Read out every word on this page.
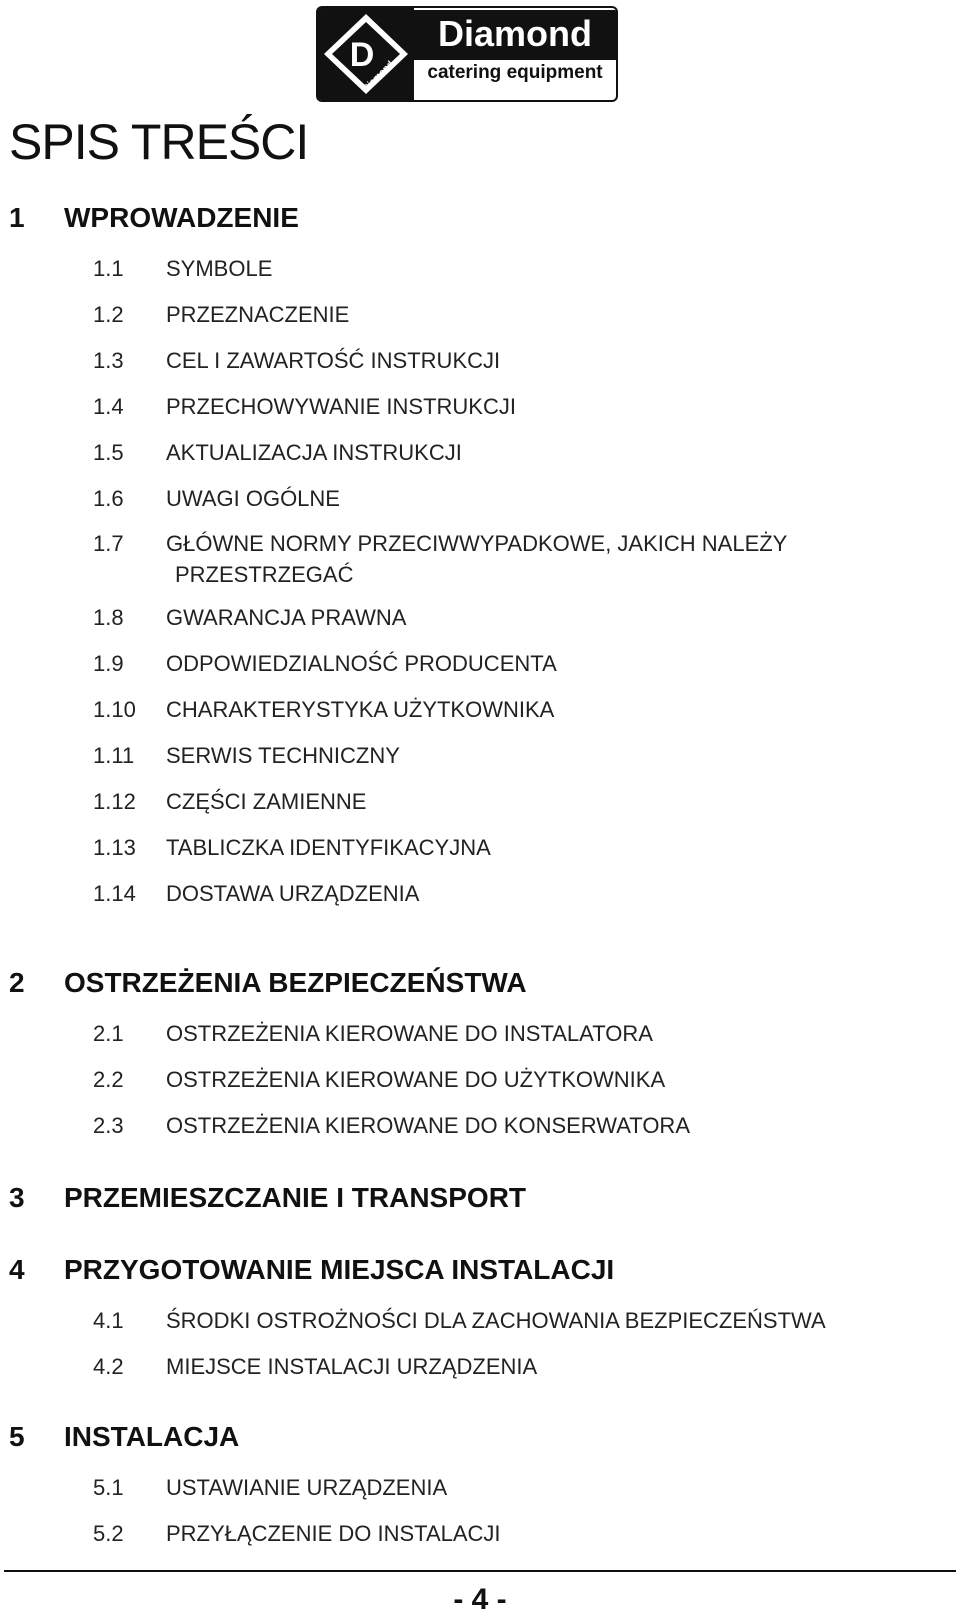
D
Diamond
Diamond
catering equipment
SPIS TREŚCI
1 WPROWADZENIE
1.1 SYMBOLE
1.2 PRZEZNACZENIE
1.3 CEL I ZAWARTOŚĆ INSTRUKCJI
1.4 PRZECHOWYWANIE INSTRUKCJI
1.5 AKTUALIZACJA INSTRUKCJI
1.6 UWAGI OGÓLNE
1.7 GŁÓWNE NORMY PRZECIWWYPADKOWE, JAKICH NALEŻY
PRZESTRZEGAĆ
1.8 GWARANCJA PRAWNA
1.9 ODPOWIEDZIALNOŚĆ PRODUCENTA
1.10 CHARAKTERYSTYKA UŻYTKOWNIKA
1.11 SERWIS TECHNICZNY
1.12 CZĘŚCI ZAMIENNE
1.13 TABLICZKA IDENTYFIKACYJNA
1.14 DOSTAWA URZĄDZENIA
2 OSTRZEŻENIA BEZPIECZEŃSTWA
2.1 OSTRZEŻENIA KIEROWANE DO INSTALATORA
2.2 OSTRZEŻENIA KIEROWANE DO UŻYTKOWNIKA
2.3 OSTRZEŻENIA KIEROWANE DO KONSERWATORA
3 PRZEMIESZCZANIE I TRANSPORT
4 PRZYGOTOWANIE MIEJSCA INSTALACJI
4.1 ŚRODKI OSTROŻNOŚCI DLA ZACHOWANIA BEZPIECZEŃSTWA
4.2 MIEJSCE INSTALACJI URZĄDZENIA
5 INSTALACJA
5.1 USTAWIANIE URZĄDZENIA
5.2 PRZYŁĄCZENIE DO INSTALACJI
- 4 -
